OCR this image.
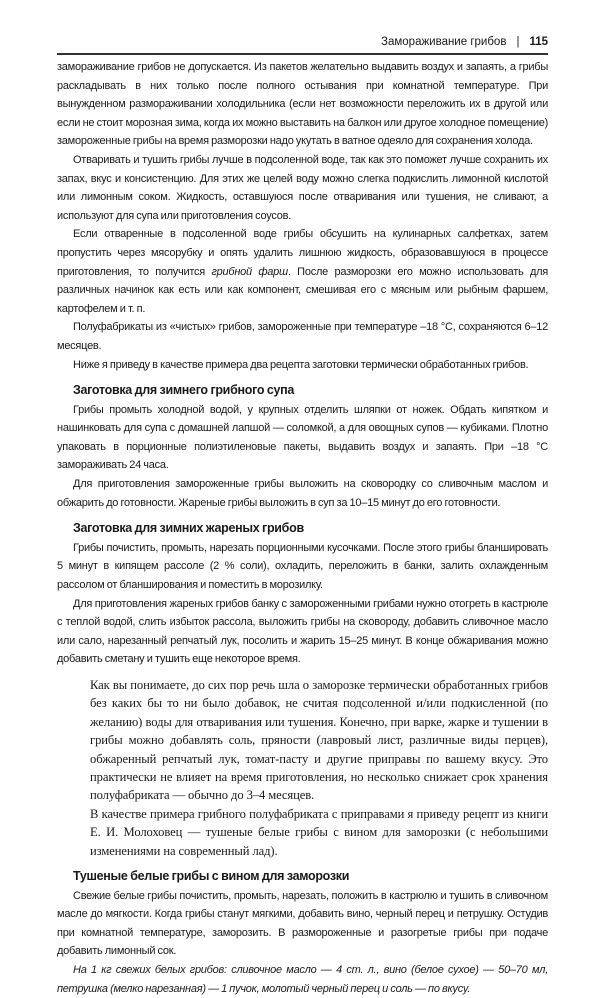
Замораживание грибов | 115

замораживание грибов не допускается. Из пакетов желательно выдавить воздух и запаять, а грибы раскладывать в них только после полного остывания при комнатной температуре. При вынужденном размораживании холодильника (если нет возможности переложить их в другой или если не стоит морозная зима, когда их можно выставить на балкон или другое холодное помещение) замороженные грибы на время разморозки надо укутать в ватное одеяло для сохранения холода.

Отваривать и тушить грибы лучше в подсоленной воде, так как это поможет лучше сохранить их запах, вкус и консистенцию. Для этих же целей воду можно слегка подкислить лимонной кислотой или лимонным соком. Жидкость, оставшуюся после отваривания или тушения, не сливают, а используют для супа или приготовления соусов.

Если отваренные в подсоленной воде грибы обсушить на кулинарных салфетках, затем пропустить через мясорубку и опять удалить лишнюю жидкость, образовавшуюся в процессе приготовления, то получится грибной фарш. После разморозки его можно использовать для различных начинок как есть или как компонент, смешивая его с мясным или рыбным фаршем, картофелем и т. п.

Полуфабрикаты из «чистых» грибов, замороженные при температуре –18 °С, сохраняются 6–12 месяцев.

Ниже я приведу в качестве примера два рецепта заготовки термически обработанных грибов.

Заготовка для зимнего грибного супа

Грибы промыть холодной водой, у крупных отделить шляпки от ножек. Обдать кипятком и нашинковать для супа с домашней лапшой — соломкой, а для овощных супов — кубиками. Плотно упаковать в порционные полиэтиленовые пакеты, выдавить воздух и запаять. При –18 °С замораживать 24 часа.

Для приготовления замороженные грибы выложить на сковородку со сливочным маслом и обжарить до готовности. Жареные грибы выложить в суп за 10–15 минут до его готовности.

Заготовка для зимних жареных грибов

Грибы почистить, промыть, нарезать порционными кусочками. После этого грибы бланшировать 5 минут в кипящем рассоле (2 % соли), охладить, переложить в банки, залить охлажденным рассолом от бланширования и поместить в морозилку.

Для приготовления жареных грибов банку с замороженными грибами нужно отогреть в кастрюле с теплой водой, слить избыток рассола, выложить грибы на сковороду, добавить сливочное масло или сало, нарезанный репчатый лук, посолить и жарить 15–25 минут. В конце обжаривания можно добавить сметану и тушить еще некоторое время.

Как вы понимаете, до сих пор речь шла о заморозке термически обработанных грибов без каких бы то ни было добавок, не считая подсоленной и/или подкисленной (по желанию) воды для отваривания или тушения. Конечно, при варке, жарке и тушении в грибы можно добавлять соль, пряности (лавровый лист, различные виды перцев), обжаренный репчатый лук, томат-пасту и другие приправы по вашему вкусу. Это практически не влияет на время приготовления, но несколько снижает срок хранения полуфабриката — обычно до 3–4 месяцев.

В качестве примера грибного полуфабриката с приправами я приведу рецепт из книги Е. И. Молоховец — тушеные белые грибы с вином для заморозки (с небольшими изменениями на современный лад).

Тушеные белые грибы с вином для заморозки

Свежие белые грибы почистить, промыть, нарезать, положить в кастрюлю и тушить в сливочном масле до мягкости. Когда грибы станут мягкими, добавить вино, черный перец и петрушку. Остудив при комнатной температуре, заморозить. В размороженные и разогретые грибы при подаче добавить лимонный сок.

На 1 кг свежих белых грибов: сливочное масло — 4 ст. л., вино (белое сухое) — 50–70 мл, петрушка (мелко нарезанная) — 1 пучок, молотый черный перец и соль — по вкусу.
